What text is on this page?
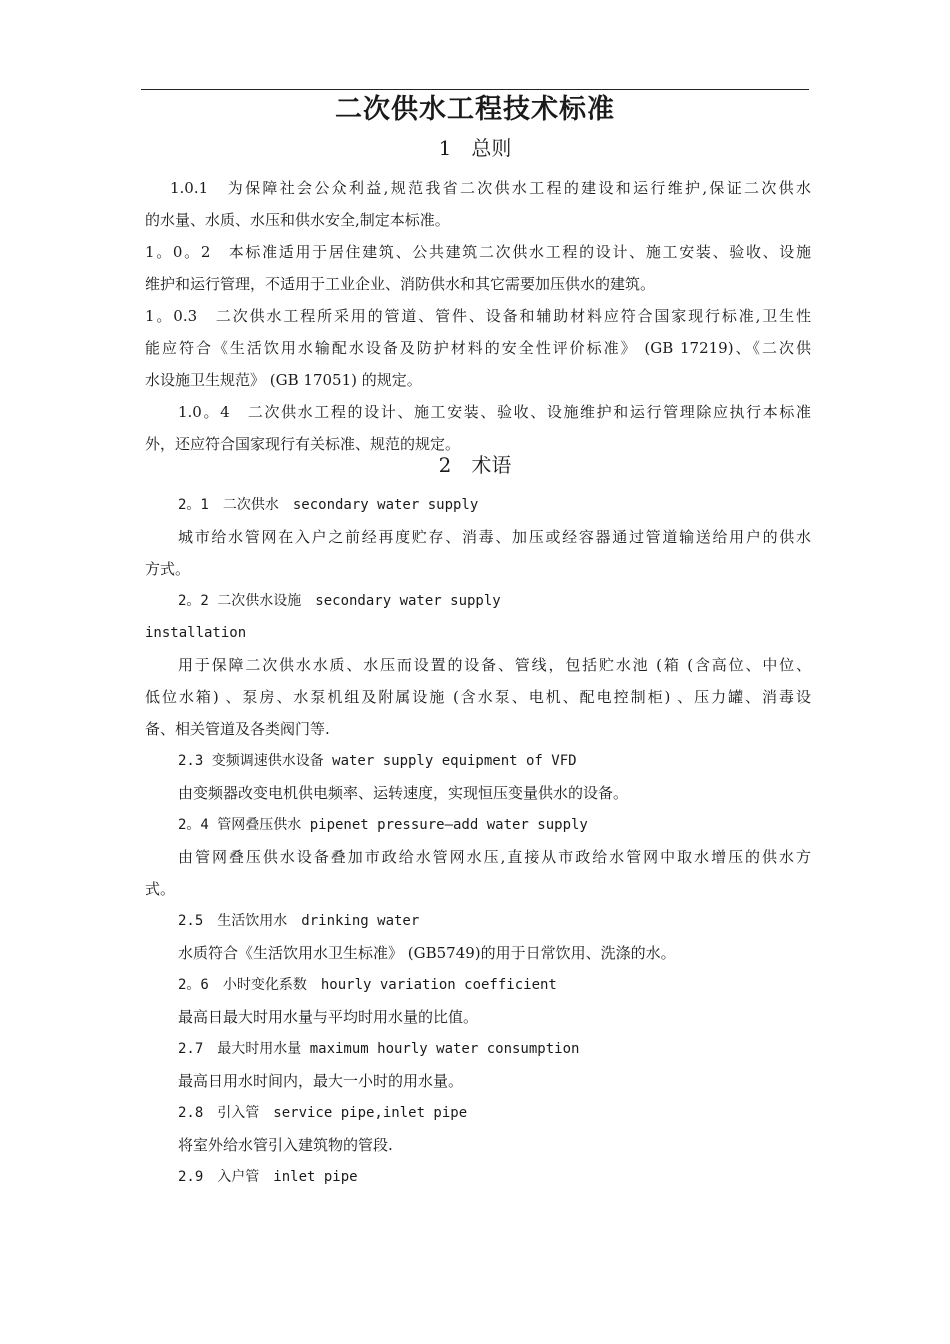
二次供水工程技术标准
1　总则
1.0.1　为保障社会公众利益,规范我省二次供水工程的建设和运行维护,保证二次供水
的水量、水质、水压和供水安全,制定本标准。
1。0。2　本标准适用于居住建筑、公共建筑二次供水工程的设计、施工安装、验收、设施
维护和运行管理，不适用于工业企业、消防供水和其它需要加压供水的建筑。
1。0.3　二次供水工程所采用的管道、管件、设备和辅助材料应符合国家现行标准,卫生性
能应符合《生活饮用水输配水设备及防护材料的安全性评价标准》 (GB 17219)、《二次供
水设施卫生规范》 (GB 17051) 的规定。
1.0。4　二次供水工程的设计、施工安装、验收、设施维护和运行管理除应执行本标准
外，还应符合国家现行有关标准、规范的规定。
2　术语
2。1　二次供水　secondary water supply
城市给水管网在入户之前经再度贮存、消毒、加压或经容器通过管道输送给用户的供水
方式。
2。2 二次供水设施　secondary water supply
installation
用于保障二次供水水质、水压而设置的设备、管线，包括贮水池 (箱 (含高位、中位、
低位水箱) 、泵房、水泵机组及附属设施 (含水泵、电机、配电控制柜) 、压力罐、消毒设
备、相关管道及各类阀门等.
2.3 变频调速供水设备 water supply equipment of VFD
由变频器改变电机供电频率、运转速度，实现恒压变量供水的设备。
2。4 管网叠压供水 pipenet pressure—add water supply
由管网叠压供水设备叠加市政给水管网水压,直接从市政给水管网中取水增压的供水方
式。
2.5　生活饮用水　drinking water
水质符合《生活饮用水卫生标准》 (GB5749)的用于日常饮用、洗涤的水。
2。6　小时变化系数　hourly variation coefficient
最高日最大时用水量与平均时用水量的比值。
2.7　最大时用水量 maximum hourly water consumption
最高日用水时间内，最大一小时的用水量。
2.8　引入管　service pipe,inlet pipe
将室外给水管引入建筑物的管段.
2.9　入户管　inlet pipe
